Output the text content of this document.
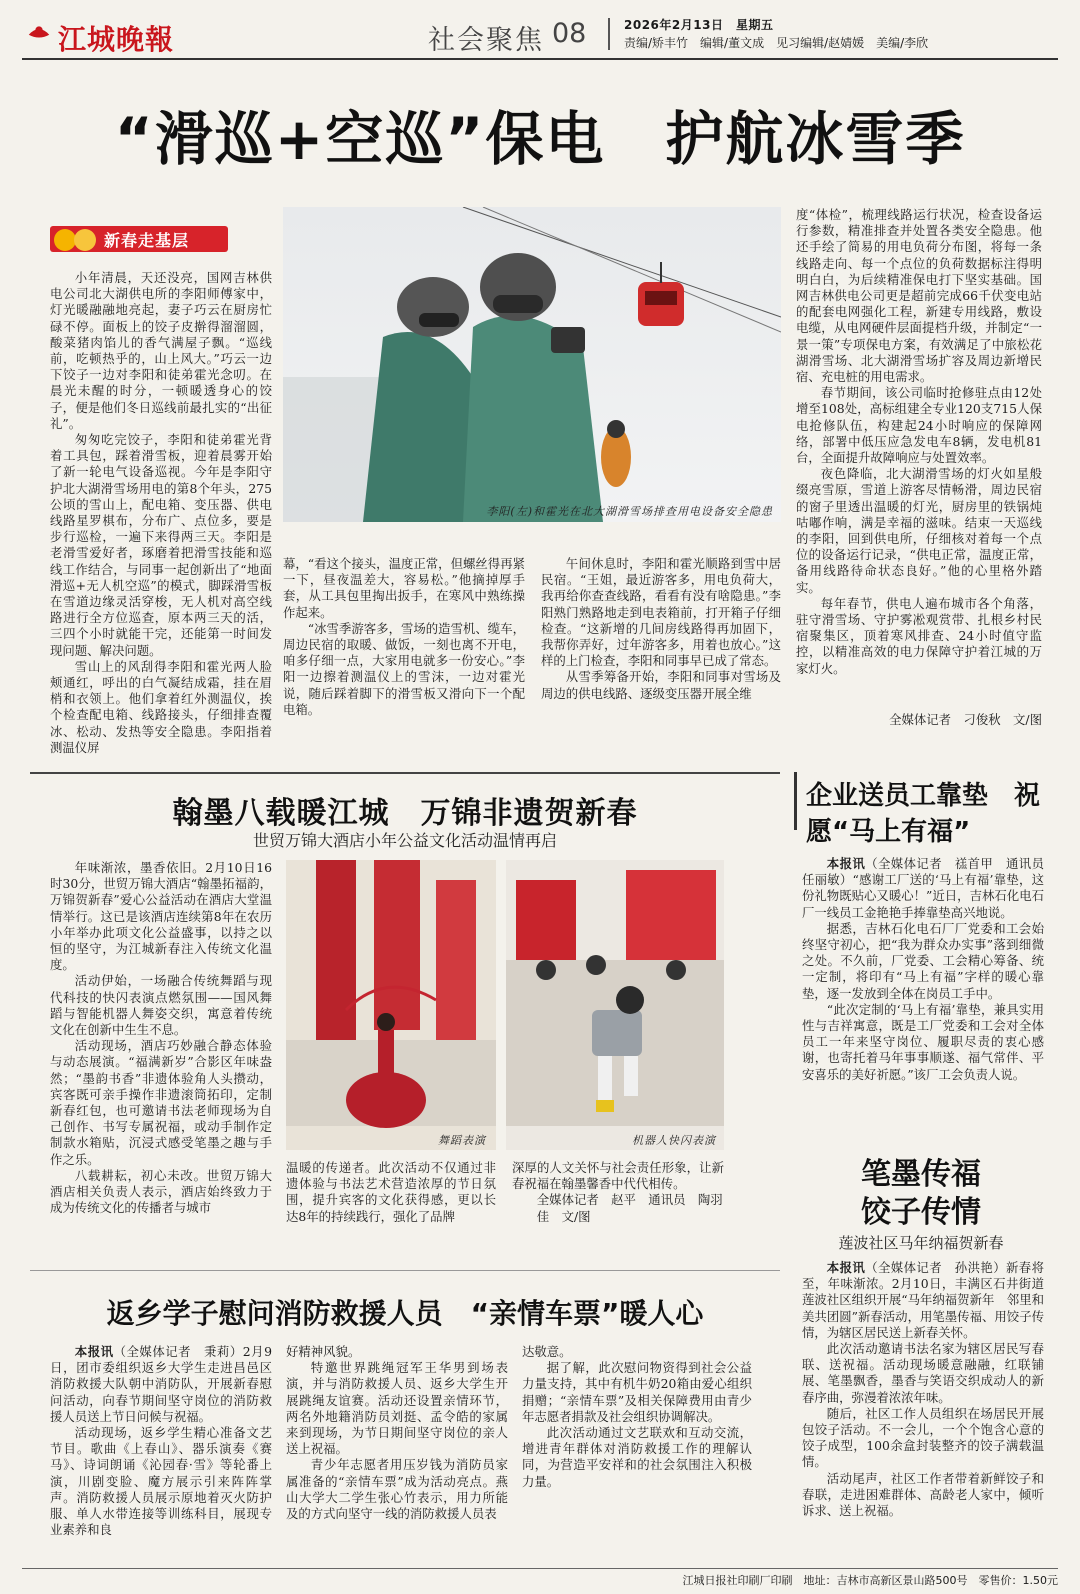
江城晚報	社会聚焦 08	2026年2月13日　星期五
责编/矫丰竹　编辑/董文成　见习编辑/赵婧媛　美编/李欣
“滑巡+空巡”保电　护航冰雪季
新春走基层

小年清晨，天还没亮，国网吉林供电公司北大湖供电所的李阳师傅家中，灯光暖融融地亮起，妻子巧云在厨房忙碌不停。面板上的饺子皮擀得溜溜圆，酸菜猪肉馅儿的香气满屋子飘。“巡线前，吃顿热乎的，山上风大。”巧云一边下饺子一边对李阳和徒弟霍光念叨。在晨光未醒的时分，一顿暖透身心的饺子，便是他们冬日巡线前最扎实的“出征礼”。

匆匆吃完饺子，李阳和徒弟霍光背着工具包，踩着滑雪板，迎着晨雾开始了新一轮电气设备巡视。今年是李阳守护北大湖滑雪场用电的第8个年头，275公顷的雪山上，配电箱、变压器、供电线路星罗棋布，分布广、点位多，要是步行巡检，一遍下来得两三天。李阳是老滑雪爱好者，琢磨着把滑雪技能和巡线工作结合，与同事一起创新出了“地面滑巡+无人机空巡”的模式，脚踩滑雪板在雪道边缘灵活穿梭，无人机对高空线路进行全方位巡查，原本两三天的活，三四个小时就能干完，还能第一时间发现问题、解决问题。

雪山上的风刮得李阳和霍光两人脸颊通红，呼出的白气凝结成霜，挂在眉梢和衣领上。他们拿着红外测温仪，挨个检查配电箱、线路接头，仔细排查覆冰、松动、发热等安全隐患。李阳指着测温仪屏

李阳(左)和霍光在北大湖滑雪场排查用电设备安全隐患

幕，“看这个接头，温度正常，但螺丝得再紧一下，昼夜温差大，容易松。”他摘掉厚手套，从工具包里掏出扳手，在寒风中熟练操作起来。

“冰雪季游客多，雪场的造雪机、缆车，周边民宿的取暖、做饭，一刻也离不开电，咱多仔细一点，大家用电就多一份安心。”李阳一边擦着测温仪上的雪沫，一边对霍光说，随后踩着脚下的滑雪板又滑向下一个配电箱。

午间休息时，李阳和霍光顺路到雪中居民宿。“王姐，最近游客多，用电负荷大，我再给你查查线路，看看有没有啥隐患。”李阳熟门熟路地走到电表箱前，打开箱子仔细检查。“这新增的几间房线路得再加固下，我帮你弄好，过年游客多，用着也放心。”这样的上门检查，李阳和同事早已成了常态。

从雪季筹备开始，李阳和同事对雪场及周边的供电线路、逐级变压器开展全维

度“体检”，梳理线路运行状况，检查设备运行参数，精准排查并处置各类安全隐患。他还手绘了简易的用电负荷分布图，将每一条线路走向、每一个点位的负荷数据标注得明明白白，为后续精准保电打下坚实基础。国网吉林供电公司更是超前完成66千伏变电站的配套电网强化工程，新建专用线路，敷设电缆，从电网硬件层面提档升级，并制定“一景一策”专项保电方案，有效满足了中旅松花湖滑雪场、北大湖滑雪场扩容及周边新增民宿、充电桩的用电需求。

春节期间，该公司临时抢修驻点由12处增至108处，高标组建全专业120支715人保电抢修队伍，构建起24小时响应的保障网络，部署中低压应急发电车8辆，发电机81台，全面提升故障响应与处置效率。

夜色降临，北大湖滑雪场的灯火如星般缀亮雪原，雪道上游客尽情畅滑，周边民宿的窗子里透出温暖的灯光，厨房里的铁锅炖咕嘟作响，满是幸福的滋味。结束一天巡线的李阳，回到供电所，仔细核对着每一个点位的设备运行记录，“供电正常，温度正常，备用线路待命状态良好。”他的心里格外踏实。

每年春节，供电人遍布城市各个角落，驻守滑雪场、守护雾凇观赏带、扎根乡村民宿聚集区，顶着寒风排查、24小时值守监控，以精准高效的电力保障守护着江城的万家灯火。

全媒体记者　刁俊秋　文/图
翰墨八载暖江城　万锦非遗贺新春
世贸万锦大酒店小年公益文化活动温情再启

年味渐浓，墨香依旧。2月10日16时30分，世贸万锦大酒店“翰墨拓福韵，万锦贺新春”爱心公益活动在酒店大堂温情举行。这已是该酒店连续第8年在农历小年举办此项文化公益盛事，以持之以恒的坚守，为江城新春注入传统文化温度。

活动伊始，一场融合传统舞蹈与现代科技的快闪表演点燃氛围——国风舞蹈与智能机器人舞姿交织，寓意着传统文化在创新中生生不息。

活动现场，酒店巧妙融合静态体验与动态展演。“福满新岁”合影区年味盎然；“墨韵书香”非遗体验角人头攒动，宾客既可亲手操作非遗滚筒拓印，定制新春红包，也可邀请书法老师现场为自己创作、书写专属祝福，或动手制作定制款水箱贴，沉浸式感受笔墨之趣与手作之乐。

八载耕耘，初心未改。世贸万锦大酒店相关负责人表示，酒店始终致力于成为传统文化的传播者与城市

舞蹈表演	机器人快闪表演

温暖的传递者。此次活动不仅通过非遗体验与书法艺术营造浓厚的节日氛围，提升宾客的文化获得感，更以长达8年的持续践行，强化了品牌

深厚的人文关怀与社会责任形象，让新春祝福在翰墨馨香中代代相传。

全媒体记者　赵平　通讯员　陶羽佳　文/图

企业送员工靠垫　祝愿“马上有福”

本报讯（全媒体记者　禚首甲　通讯员　任丽敏）“感谢工厂送的‘马上有福’靠垫，这份礼物既贴心又暖心！”近日，吉林石化电石厂一线员工金艳艳手捧靠垫高兴地说。

据悉，吉林石化电石厂厂党委和工会始终坚守初心，把“我为群众办实事”落到细微之处。不久前，厂党委、工会精心筹备、统一定制，将印有“马上有福”字样的暖心靠垫，逐一发放到全体在岗员工手中。

“此次定制的‘马上有福’靠垫，兼具实用性与吉祥寓意，既是工厂党委和工会对全体员工一年来坚守岗位、履职尽责的衷心感谢，也寄托着马年事事顺遂、福气常伴、平安喜乐的美好祈愿。”该厂工会负责人说。

笔墨传福
饺子传情
莲波社区马年纳福贺新春

本报讯（全媒体记者　孙洪艳）新春将至，年味渐浓。2月10日，丰满区石井街道莲波社区组织开展“马年纳福贺新年　邻里和美共团圆”新春活动，用笔墨传福、用饺子传情，为辖区居民送上新春关怀。

此次活动邀请书法名家为辖区居民写春联、送祝福。活动现场暖意融融，红联铺展、笔墨飘香，墨香与笑语交织成动人的新春序曲，弥漫着浓浓年味。

随后，社区工作人员组织在场居民开展包饺子活动。不一会儿，一个个饱含心意的饺子成型，100余盒封装整齐的饺子满载温情。

活动尾声，社区工作者带着新鲜饺子和春联，走进困难群体、高龄老人家中，倾听诉求、送上祝福。

返乡学子慰问消防救援人员　“亲情车票”暖人心

本报讯（全媒体记者　秉莉）2月9日，团市委组织返乡大学生走进昌邑区消防救援大队朝中消防队，开展新春慰问活动，向春节期间坚守岗位的消防救援人员送上节日问候与祝福。

活动现场，返乡学生精心准备文艺节目。歌曲《上春山》、器乐演奏《赛马》、诗词朗诵《沁园春·雪》等轮番上演，川剧变脸、魔方展示引来阵阵掌声。消防救援人员展示原地着灭火防护服、单人水带连接等训练科目，展现专业素养和良

好精神风貌。

特邀世界跳绳冠军王华男到场表演，并与消防救援人员、返乡大学生开展跳绳友谊赛。活动还设置亲情环节，两名外地籍消防员刘挺、孟令皓的家属来到现场，为节日期间坚守岗位的亲人送上祝福。

青少年志愿者用压岁钱为消防员家属准备的“亲情车票”成为活动亮点。燕山大学大二学生张心竹表示，用力所能及的方式向坚守一线的消防救援人员表

达敬意。

据了解，此次慰问物资得到社会公益力量支持，其中有机牛奶20箱由爱心组织捐赠；“亲情车票”及相关保障费用由青少年志愿者捐款及社会组织协调解决。

此次活动通过文艺联欢和互动交流，增进青年群体对消防救援工作的理解认同，为营造平安祥和的社会氛围注入积极力量。

江城日报社印刷厂印刷　地址：吉林市高新区景山路500号　零售价：1.50元
